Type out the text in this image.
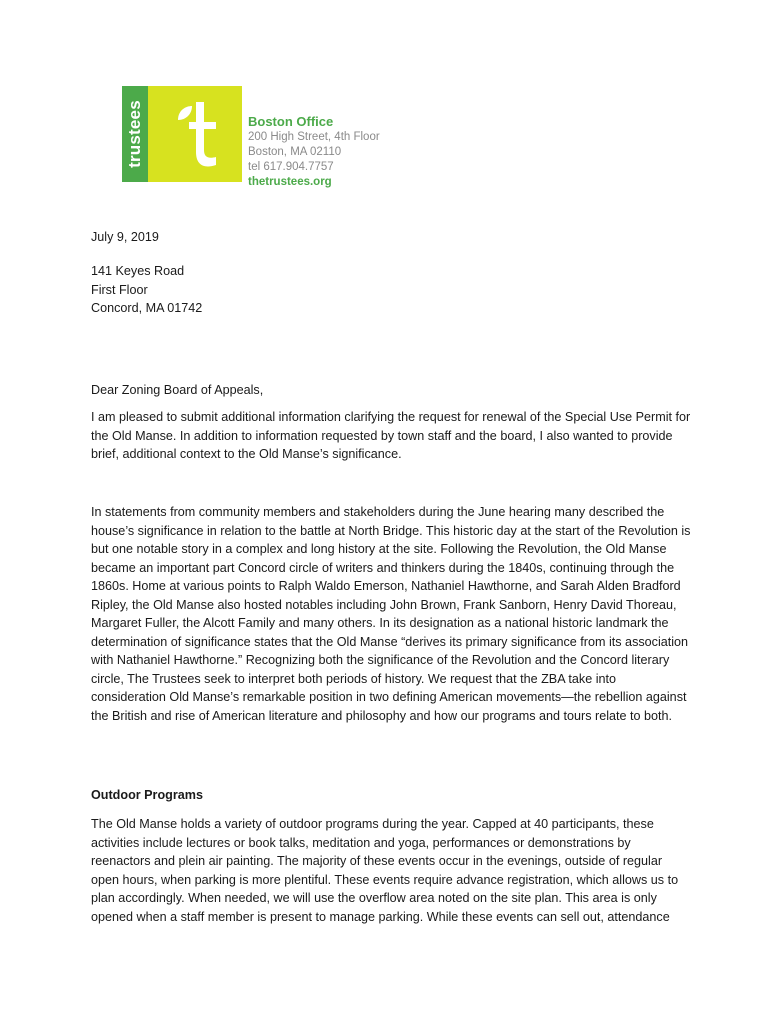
trustees	Boston Office
200 High Street, 4th Floor
Boston, MA 02110
tel 617.904.7757
thetrustees.org

July 9, 2019

141 Keyes Road

First Floor

Concord, MA 01742

Dear Zoning Board of Appeals,

I am pleased to submit additional information clarifying the request for renewal of the Special Use Permit for the Old Manse. In addition to information requested by town staff and the board, I also wanted to provide brief, additional context to the Old Manse’s significance.

In statements from community members and stakeholders during the June hearing many described the house’s significance in relation to the battle at North Bridge. This historic day at the start of the Revolution is but one notable story in a complex and long history at the site. Following the Revolution, the Old Manse became an important part Concord circle of writers and thinkers during the 1840s, continuing through the 1860s. Home at various points to Ralph Waldo Emerson, Nathaniel Hawthorne, and Sarah Alden Bradford Ripley, the Old Manse also hosted notables including John Brown, Frank Sanborn, Henry David Thoreau, Margaret Fuller, the Alcott Family and many others. In its designation as a national historic landmark the determination of significance states that the Old Manse “derives its primary significance from its association with Nathaniel Hawthorne.” Recognizing both the significance of the Revolution and the Concord literary circle, The Trustees seek to interpret both periods of history. We request that the ZBA take into consideration Old Manse’s remarkable position in two defining American movements—the rebellion against the British and rise of American literature and philosophy and how our programs and tours relate to both.

Outdoor Programs

The Old Manse holds a variety of outdoor programs during the year. Capped at 40 participants, these activities include lectures or book talks, meditation and yoga, performances or demonstrations by reenactors and plein air painting. The majority of these events occur in the evenings, outside of regular open hours, when parking is more plentiful. These events require advance registration, which allows us to plan accordingly. When needed, we will use the overflow area noted on the site plan. This area is only opened when a staff member is present to manage parking. While these events can sell out, attendance
